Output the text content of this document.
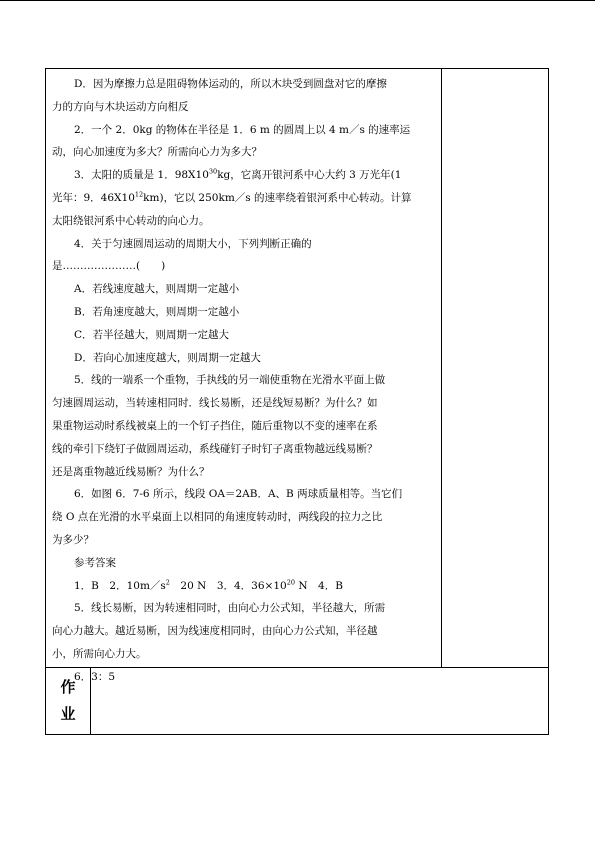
D．因为摩擦力总是阻碍物体运动的，所以木块受到圆盘对它的摩擦
力的方向与木块运动方向相反
2．一个 2．0kg 的物体在半径是 1．6 m 的圆周上以 4 m／s 的速率运
动，向心加速度为多大？所需向心力为多大？
3．太阳的质量是 1．$98X10^{30}kg$，它离开银河系中心大约 3 万光年(1
光年：9．$46X10^{12}km$)，它以 250km／s 的速率绕着银河系中心转动。计算
太阳绕银河系中心转动的向心力。
4．关于匀速圆周运动的周期大小，下列判断正确的
是…………………(　　)
A．若线速度越大，则周期一定越小
B．若角速度越大，则周期一定越小
C．若半径越大，则周期一定越大
D．若向心加速度越大，则周期一定越大
5．线的一端系一个重物，手执线的另一端使重物在光滑水平面上做
匀速圆周运动，当转速相同时．线长易断，还是线短易断？为什么？如
果重物运动时系线被桌上的一个钉子挡住，随后重物以不变的速率在系
线的牵引下绕钉子做圆周运动，系线碰钉子时钉子离重物越远线易断？
还是离重物越近线易断？为什么？
6．如图 6．7-6 所示，线段 OA＝2AB．A、B 两球质量相等。当它们
绕 O 点在光滑的水平桌面上以相同的角速度转动时，两线段的拉力之比
为多少？
参考答案
1．B　2．$10m/s^2$　20 N　3．4．$36\times 10^{20}$ N　4．B
5．线长易断，因为转速相同时，由向心力公式知，半径越大，所需
向心力越大。越近易断，因为线速度相同时，由向心力公式知，半径越
小，所需向心力大。
6．3：5
作
业
